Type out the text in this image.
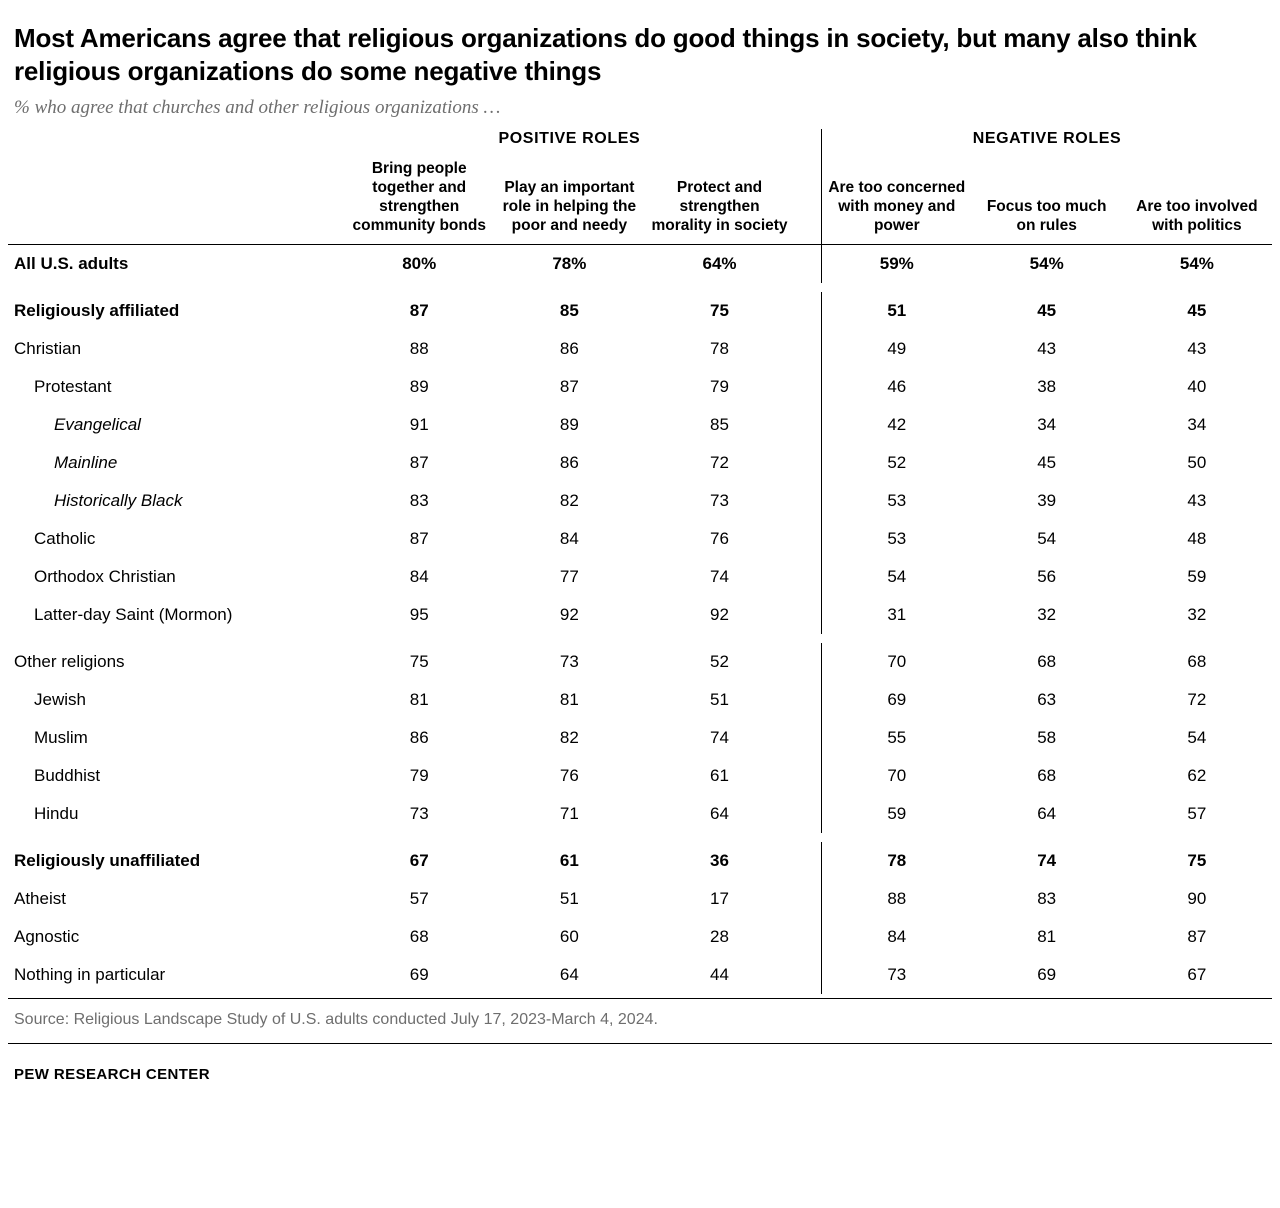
Most Americans agree that religious organizations do good things in society, but many also think religious organizations do some negative things
% who agree that churches and other religious organizations …
	POSITIVE ROLES				NEGATIVE ROLES		
	Bring people together and strengthen community bonds	Play an important role in helping the poor and needy	Protect and strengthen morality in society		Are too concerned with money and power	Focus too much on rules	Are too involved with politics
All U.S. adults	80%	78%	64%		59%	54%	54%

Religiously affiliated	87	85	75		51	45	45
Christian	88	86	78		49	43	43
Protestant	89	87	79		46	38	40
Evangelical	91	89	85		42	34	34
Mainline	87	86	72		52	45	50
Historically Black	83	82	73		53	39	43
Catholic	87	84	76		53	54	48
Orthodox Christian	84	77	74		54	56	59
Latter-day Saint (Mormon)	95	92	92		31	32	32

Other religions	75	73	52		70	68	68
Jewish	81	81	51		69	63	72
Muslim	86	82	74		55	58	54
Buddhist	79	76	61		70	68	62
Hindu	73	71	64		59	64	57

Religiously unaffiliated	67	61	36		78	74	75
Atheist	57	51	17		88	83	90
Agnostic	68	60	28		84	81	87
Nothing in particular	69	64	44		73	69	67
Source: Religious Landscape Study of U.S. adults conducted July 17, 2023-March 4, 2024.
PEW RESEARCH CENTER
